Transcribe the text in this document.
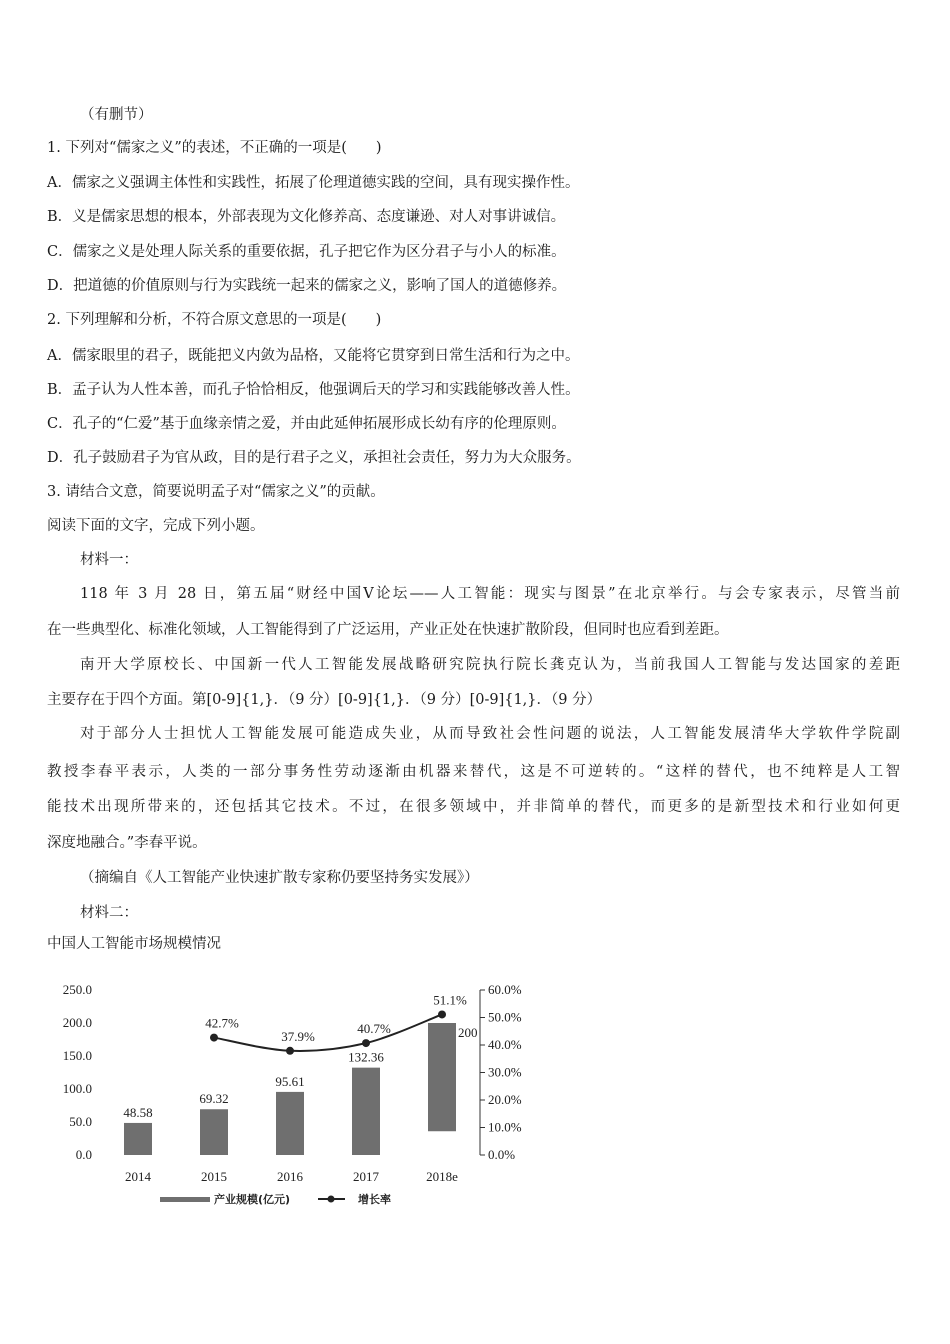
（有删节）
1. 下列对“儒家之义”的表述，不正确的一项是(　　)
A．儒家之义强调主体性和实践性，拓展了伦理道德实践的空间，具有现实操作性。
B．义是儒家思想的根本，外部表现为文化修养高、态度谦逊、对人对事讲诚信。
C．儒家之义是处理人际关系的重要依据，孔子把它作为区分君子与小人的标准。
D．把道德的价值原则与行为实践统一起来的儒家之义，影响了国人的道德修养。
2. 下列理解和分析，不符合原文意思的一项是(　　)
A．儒家眼里的君子，既能把义内敛为品格，又能将它贯穿到日常生活和行为之中。
B．孟子认为人性本善，而孔子恰恰相反，他强调后天的学习和实践能够改善人性。
C．孔子的“仁爱”基于血缘亲情之爱，并由此延伸拓展形成长幼有序的伦理原则。
D．孔子鼓励君子为官从政，目的是行君子之义，承担社会责任，努力为大众服务。
3. 请结合文意，简要说明孟子对“儒家之义”的贡献。
阅读下面的文字，完成下列小题。
材料一：
118 年 3 月 28 日，第五届“财经中国Ⅴ论坛——人工智能：现实与图景”在北京举行。与会专家表示，尽管当前
在一些典型化、标准化领域，人工智能得到了广泛运用，产业正处在快速扩散阶段，但同时也应看到差距。
南开大学原校长、中国新一代人工智能发展战略研究院执行院长龚克认为，当前我国人工智能与发达国家的差距
主要存在于四个方面。第[0-9]{1,}．（9 分）[0-9]{1,}．（9 分）[0-9]{1,}．（9 分）
对于部分人士担忧人工智能发展可能造成失业，从而导致社会性问题的说法，人工智能发展清华大学软件学院副
教授李春平表示，人类的一部分事务性劳动逐渐由机器来替代，这是不可逆转的。“这样的替代，也不纯粹是人工智
能技术出现所带来的，还包括其它技术。不过，在很多领域中，并非简单的替代，而更多的是新型技术和行业如何更
深度地融合。”李春平说。
（摘编自《人工智能产业快速扩散专家称仍要坚持务实发展》）
材料二：
中国人工智能市场规模情况
0.0
50.0
100.0
150.0
200.0
250.0
0.0%
10.0%
20.0%
30.0%
40.0%
50.0%
60.0%
48.58
69.32
95.61
132.36
200
2014	2015	2016	2017	2018e
42.7%
37.9%
40.7%
51.1%
产业规模(亿元)	增长率
